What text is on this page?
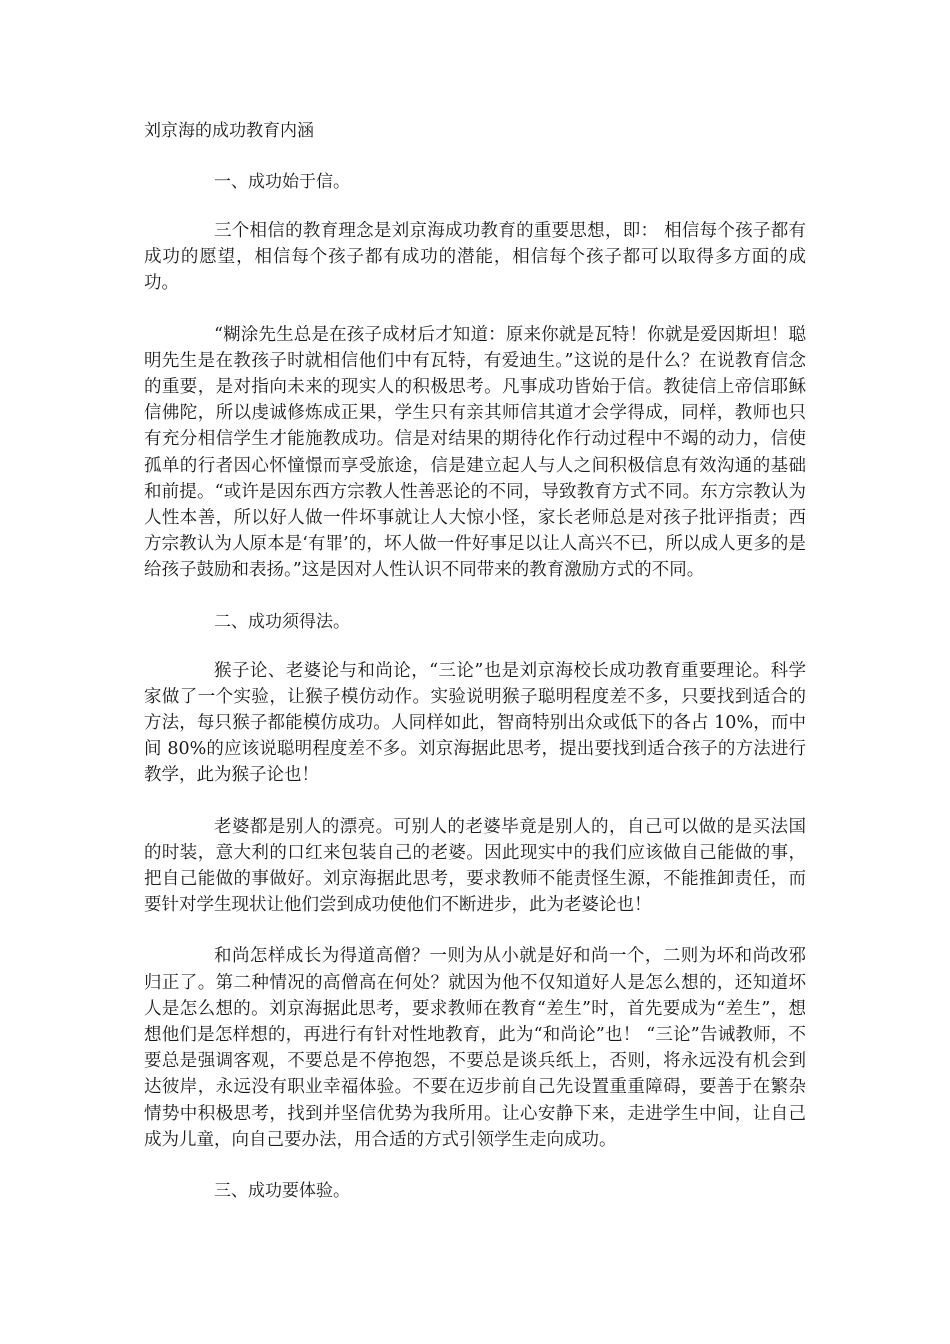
刘京海的成功教育内涵
一、成功始于信。

三个相信的教育理念是刘京海成功教育的重要思想，即： 相信每个孩子都有成功的愿望，相信每个孩子都有成功的潜能，相信每个孩子都可以取得多方面的成功。

“糊涂先生总是在孩子成材后才知道：原来你就是瓦特！你就是爱因斯坦！聪明先生是在教孩子时就相信他们中有瓦特，有爱迪生。”这说的是什么？在说教育信念的重要，是对指向未来的现实人的积极思考。凡事成功皆始于信。教徒信上帝信耶稣信佛陀，所以虔诚修炼成正果，学生只有亲其师信其道才会学得成，同样，教师也只有充分相信学生才能施教成功。信是对结果的期待化作行动过程中不竭的动力，信使孤单的行者因心怀憧憬而享受旅途，信是建立起人与人之间积极信息有效沟通的基础和前提。“或许是因东西方宗教人性善恶论的不同，导致教育方式不同。东方宗教认为人性本善，所以好人做一件坏事就让人大惊小怪，家长老师总是对孩子批评指责；西方宗教认为人原本是‘有罪’的，坏人做一件好事足以让人高兴不已，所以成人更多的是给孩子鼓励和表扬。”这是因对人性认识不同带来的教育激励方式的不同。

二、成功须得法。

猴子论、老婆论与和尚论，“三论”也是刘京海校长成功教育重要理论。科学家做了一个实验，让猴子模仿动作。实验说明猴子聪明程度差不多，只要找到适合的方法，每只猴子都能模仿成功。人同样如此，智商特别出众或低下的各占 10%，而中间 80%的应该说聪明程度差不多。刘京海据此思考，提出要找到适合孩子的方法进行教学，此为猴子论也！

老婆都是别人的漂亮。可别人的老婆毕竟是别人的，自己可以做的是买法国的时装，意大利的口红来包装自己的老婆。因此现实中的我们应该做自己能做的事，把自己能做的事做好。刘京海据此思考，要求教师不能责怪生源，不能推卸责任，而要针对学生现状让他们尝到成功使他们不断进步，此为老婆论也！

和尚怎样成长为得道高僧？一则为从小就是好和尚一个，二则为坏和尚改邪归正了。第二种情况的高僧高在何处？就因为他不仅知道好人是怎么想的，还知道坏人是怎么想的。刘京海据此思考，要求教师在教育“差生”时，首先要成为“差生”，想想他们是怎样想的，再进行有针对性地教育，此为“和尚论”也！ “三论”告诫教师，不要总是强调客观，不要总是不停抱怨，不要总是谈兵纸上，否则，将永远没有机会到达彼岸，永远没有职业幸福体验。不要在迈步前自己先设置重重障碍，要善于在繁杂情势中积极思考，找到并坚信优势为我所用。让心安静下来，走进学生中间，让自己成为儿童，向自己要办法，用合适的方式引领学生走向成功。

三、成功要体验。
